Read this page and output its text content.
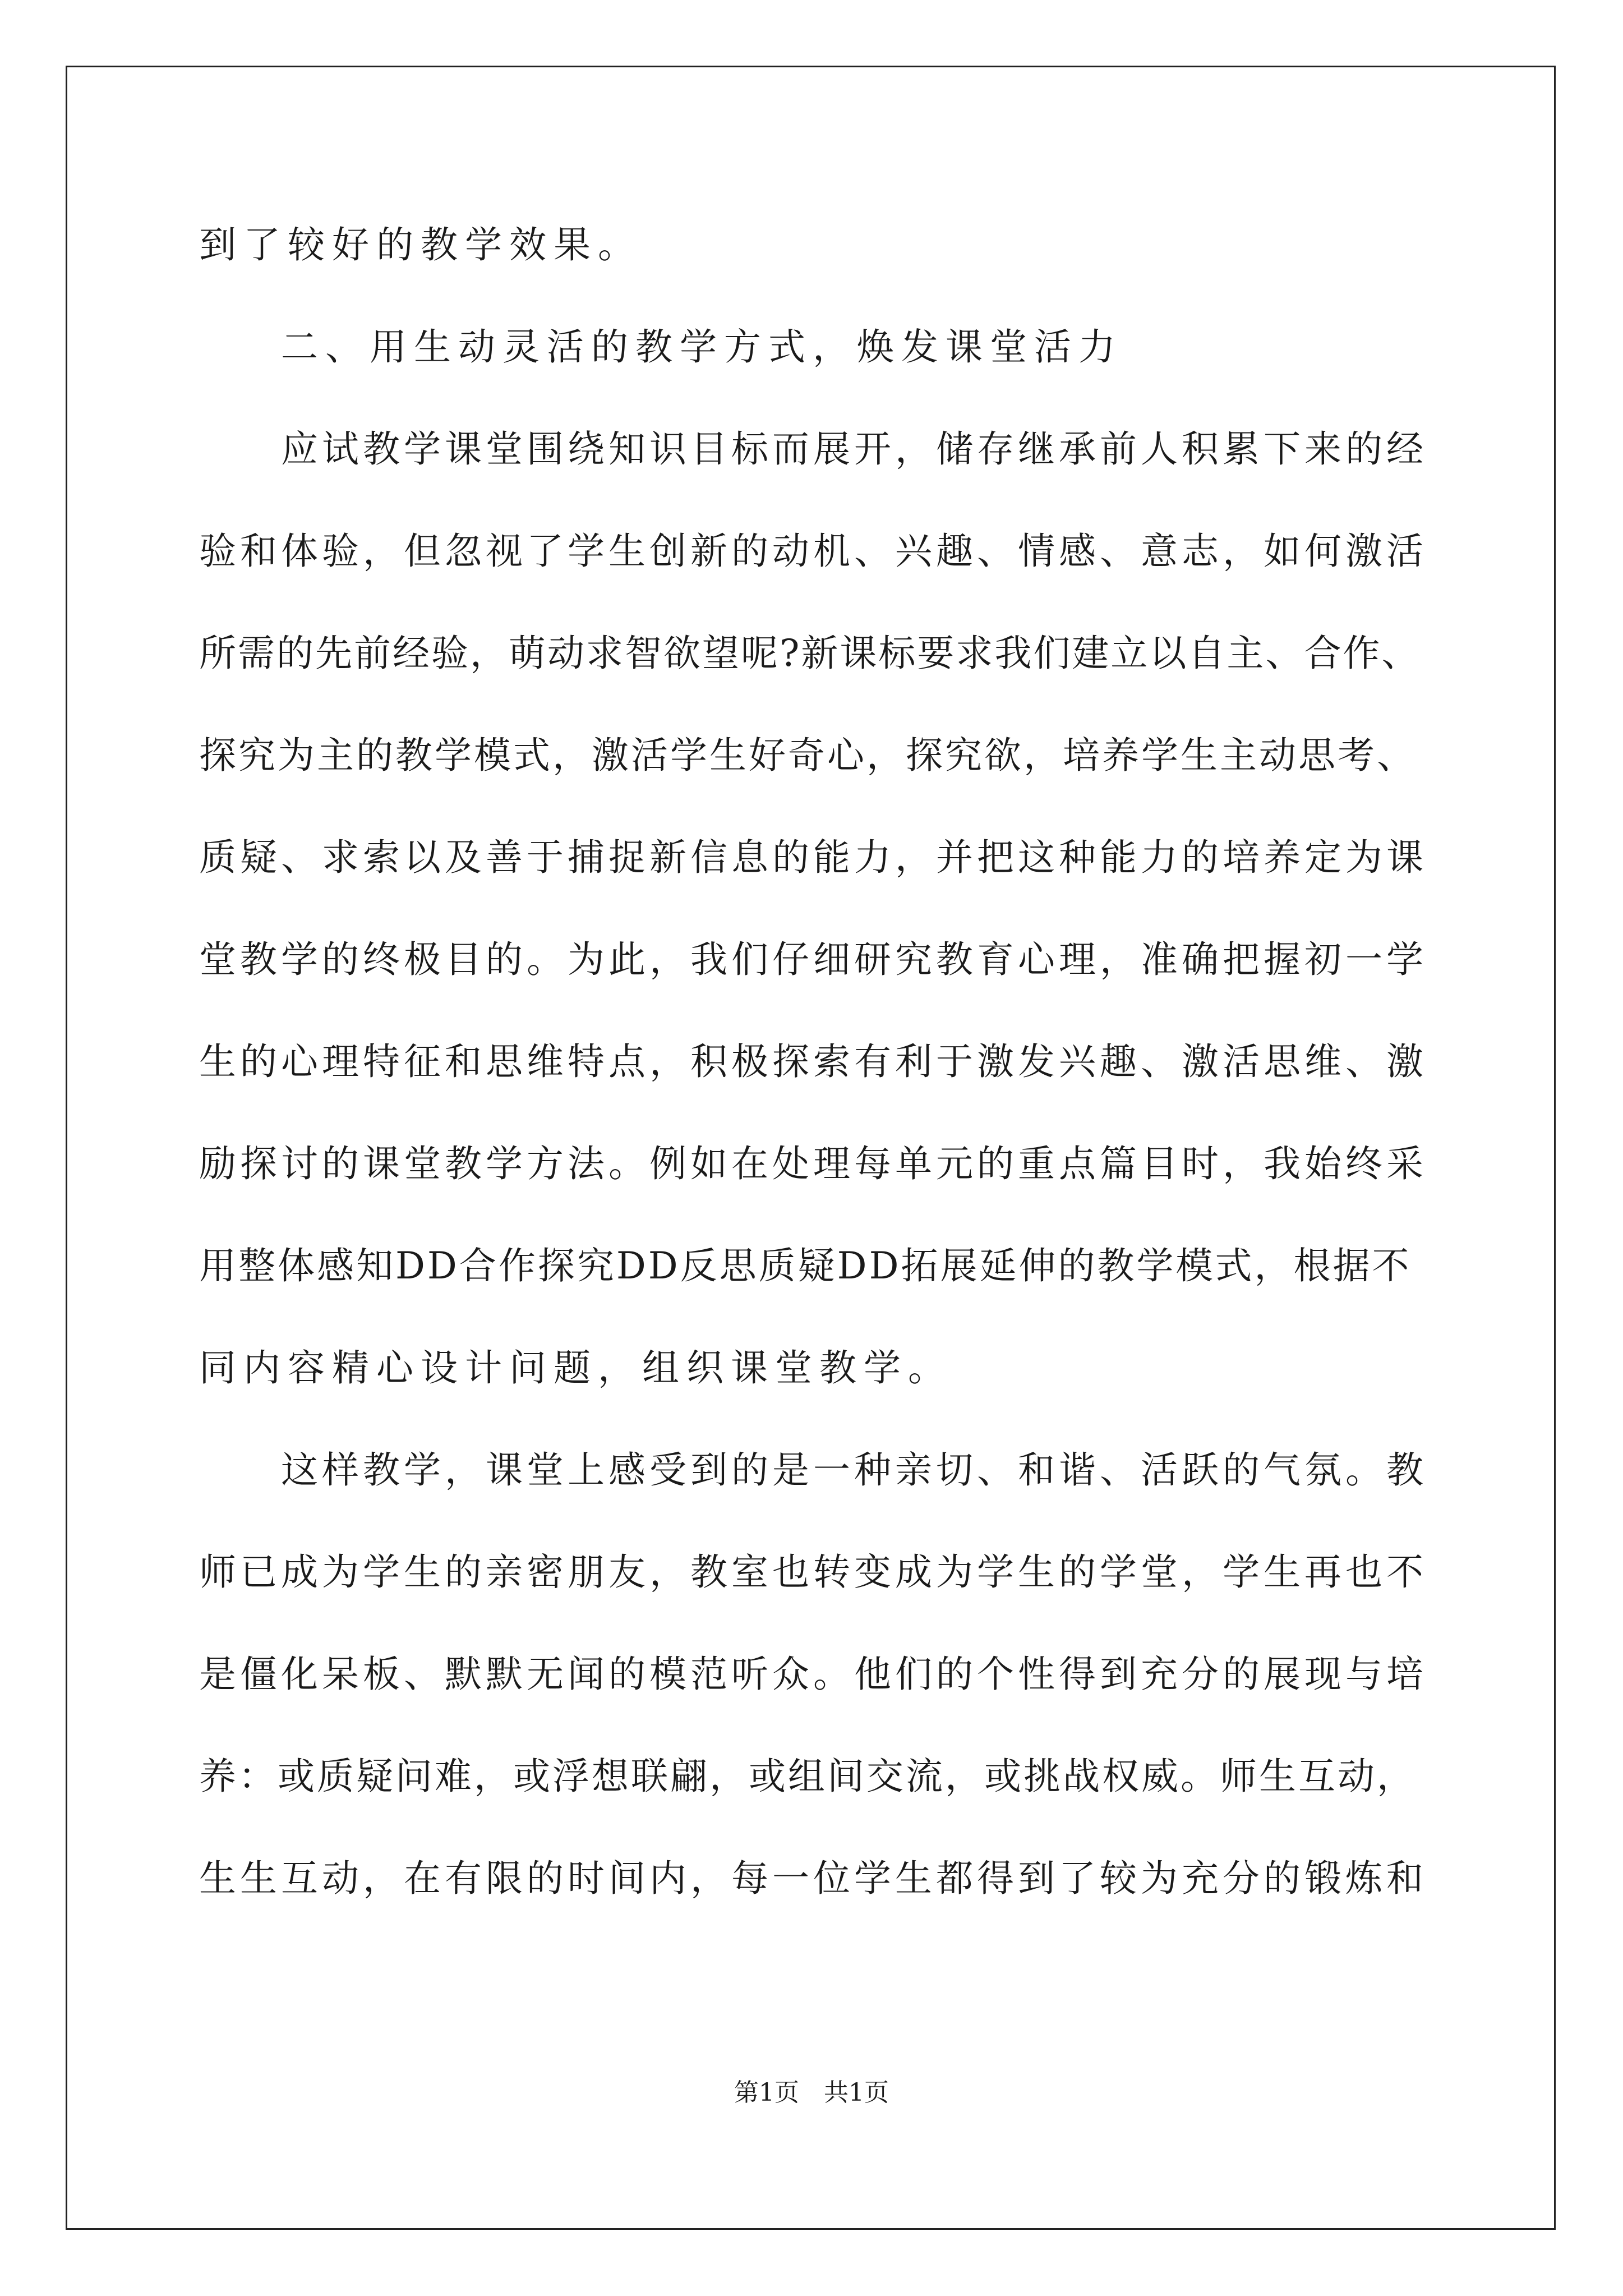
到了较好的教学效果。
二、用生动灵活的教学方式，焕发课堂活力
应试教学课堂围绕知识目标而展开，储存继承前人积累下来的经
验和体验，但忽视了学生创新的动机、兴趣、情感、意志，如何激活
所需的先前经验，萌动求智欲望呢?新课标要求我们建立以自主、合作、
探究为主的教学模式，激活学生好奇心，探究欲，培养学生主动思考、
质疑、求索以及善于捕捉新信息的能力，并把这种能力的培养定为课
堂教学的终极目的。为此，我们仔细研究教育心理，准确把握初一学
生的心理特征和思维特点，积极探索有利于激发兴趣、激活思维、激
励探讨的课堂教学方法。例如在处理每单元的重点篇目时，我始终采
用整体感知DD合作探究DD反思质疑DD拓展延伸的教学模式，根据不
同内容精心设计问题，组织课堂教学。
这样教学，课堂上感受到的是一种亲切、和谐、活跃的气氛。教
师已成为学生的亲密朋友，教室也转变成为学生的学堂，学生再也不
是僵化呆板、默默无闻的模范听众。他们的个性得到充分的展现与培
养：或质疑问难，或浮想联翩，或组间交流，或挑战权威。师生互动，
生生互动，在有限的时间内，每一位学生都得到了较为充分的锻炼和
第1页　共1页
